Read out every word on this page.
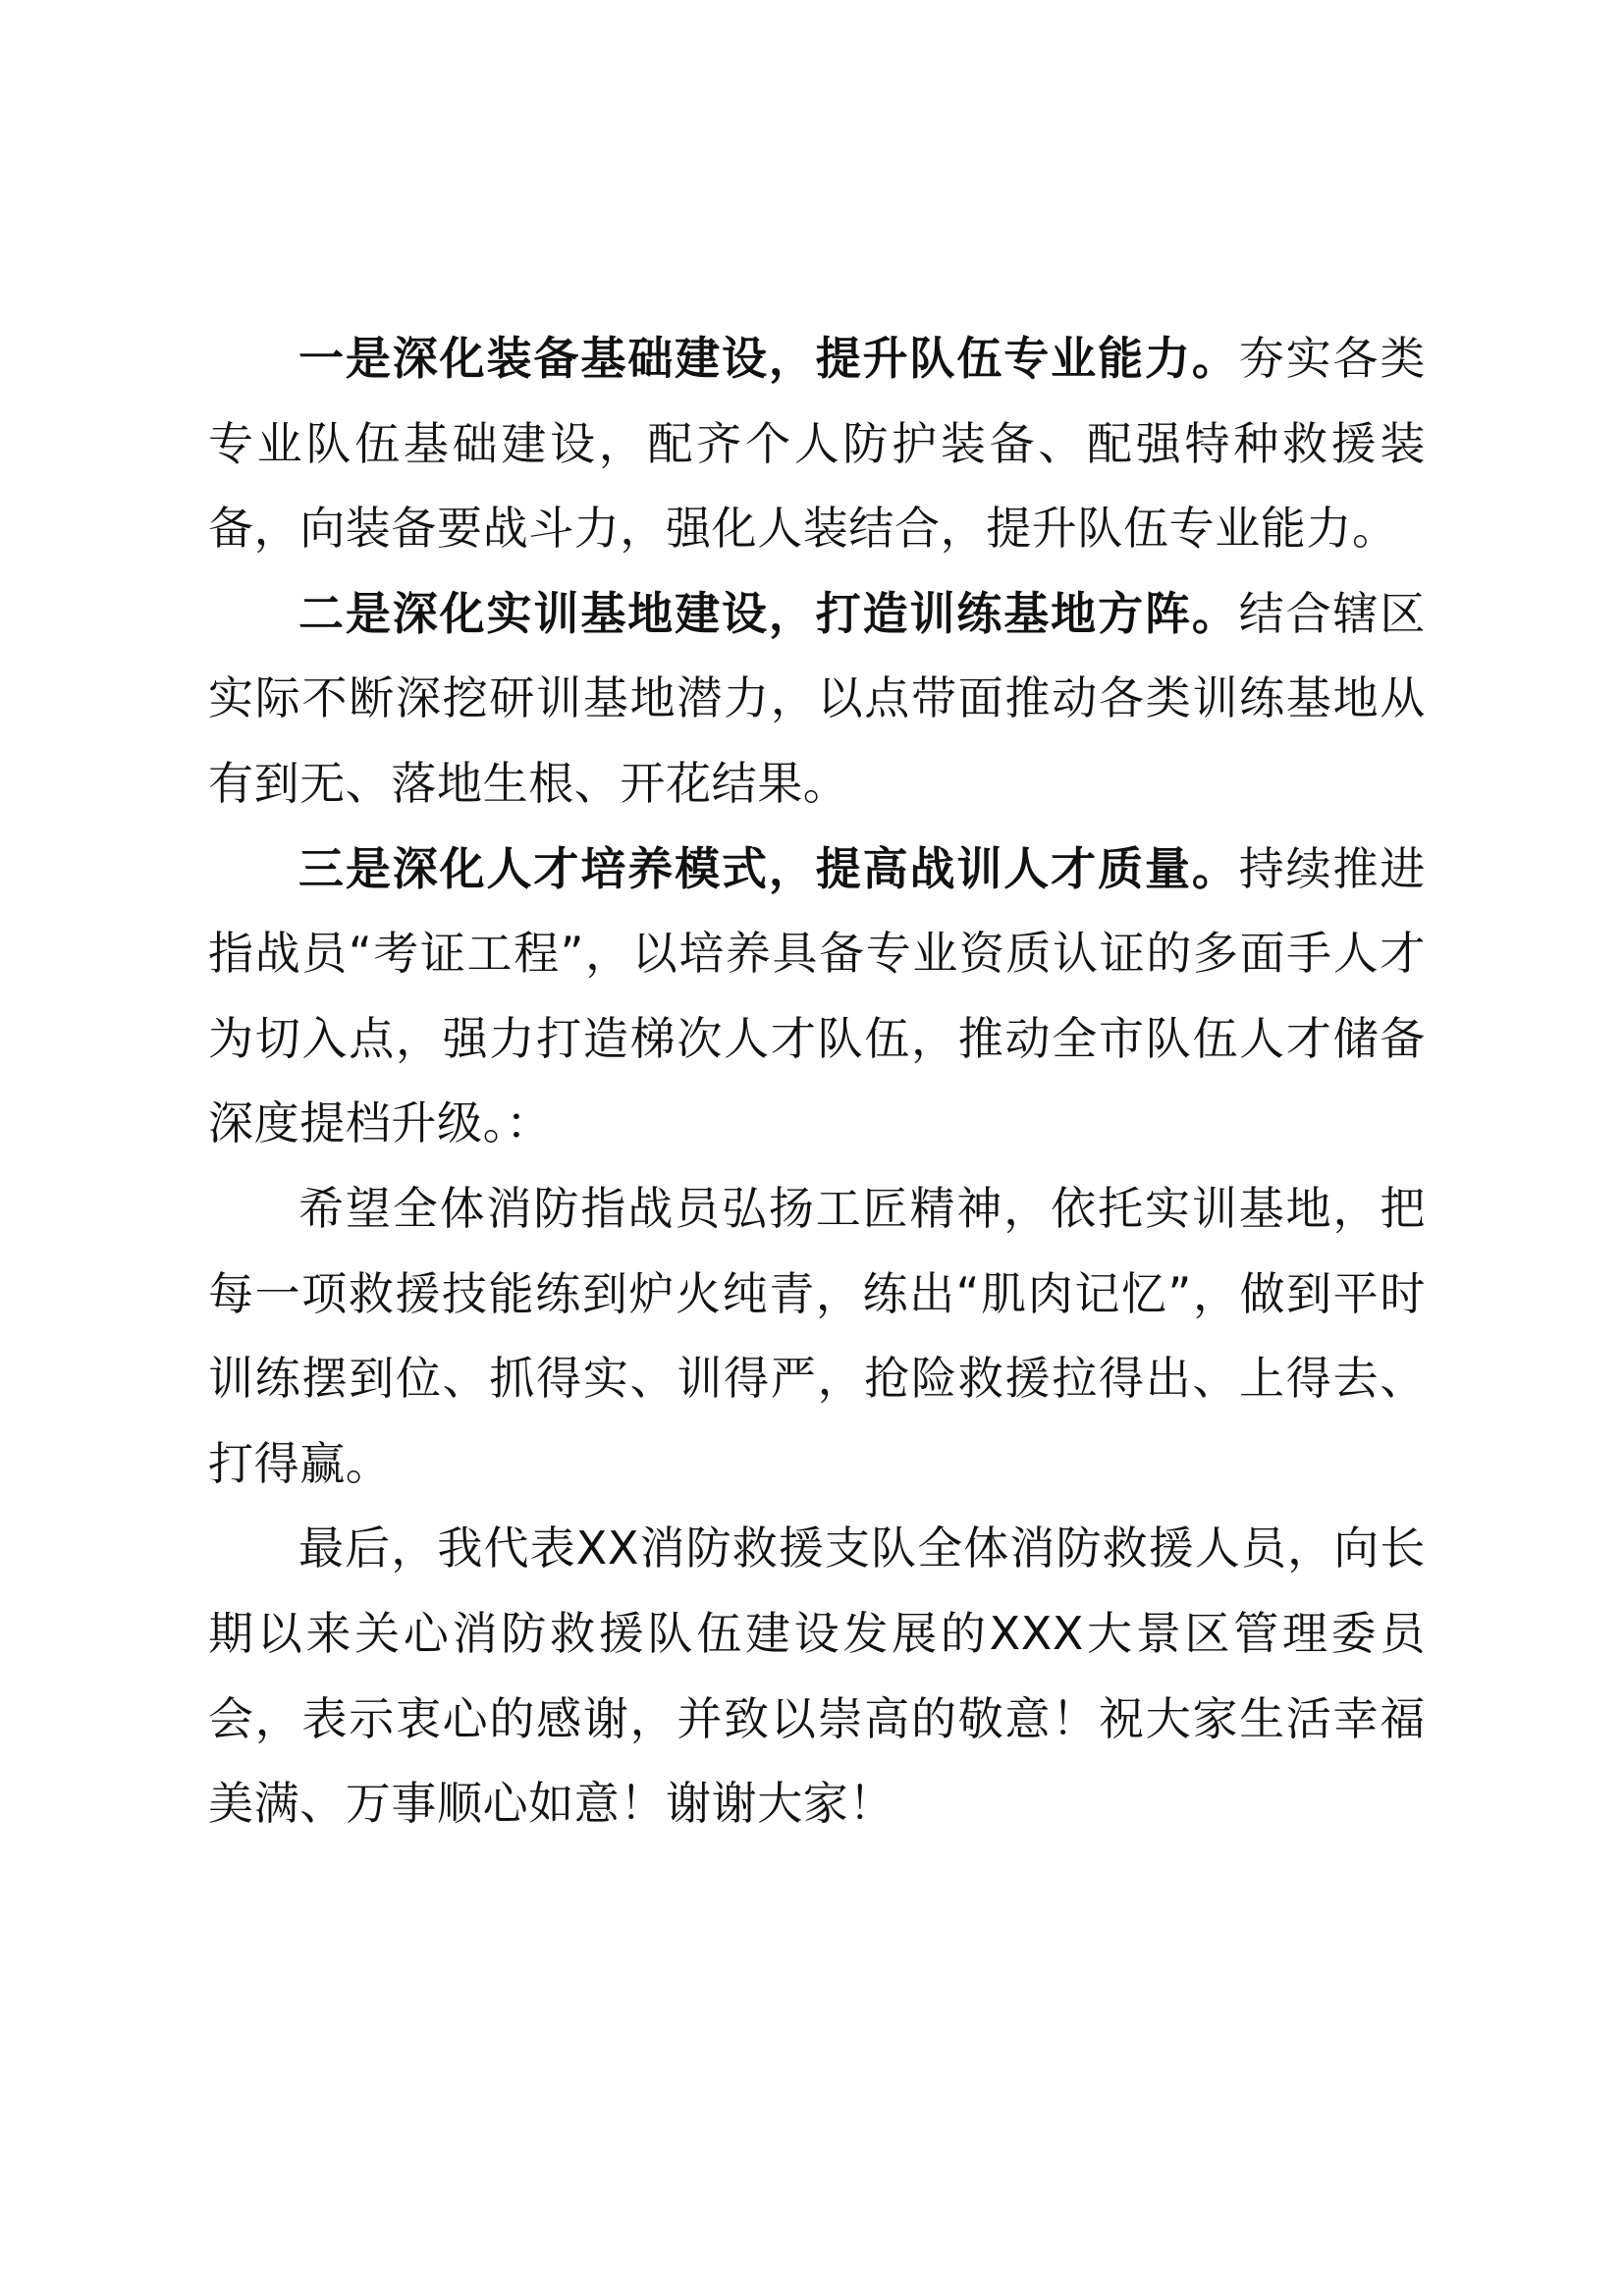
一是深化装备基础建设，提升队伍专业能力。夯实各类专业队伍基础建设，配齐个人防护装备、配强特种救援装备，向装备要战斗力，强化人装结合，提升队伍专业能力。

二是深化实训基地建设，打造训练基地方阵。结合辖区实际不断深挖研训基地潜力，以点带面推动各类训练基地从有到无、落地生根、开花结果。

三是深化人才培养模式，提高战训人才质量。持续推进指战员“考证工程”，以培养具备专业资质认证的多面手人才为切入点，强力打造梯次人才队伍，推动全市队伍人才储备深度提档升级。：

希望全体消防指战员弘扬工匠精神，依托实训基地，把每一项救援技能练到炉火纯青，练出“肌肉记忆”，做到平时训练摆到位、抓得实、训得严，抢险救援拉得出、上得去、打得赢。

最后，我代表XX消防救援支队全体消防救援人员，向长期以来关心消防救援队伍建设发展的XXX大景区管理委员会，表示衷心的感谢，并致以崇高的敬意！祝大家生活幸福美满、万事顺心如意！谢谢大家！
